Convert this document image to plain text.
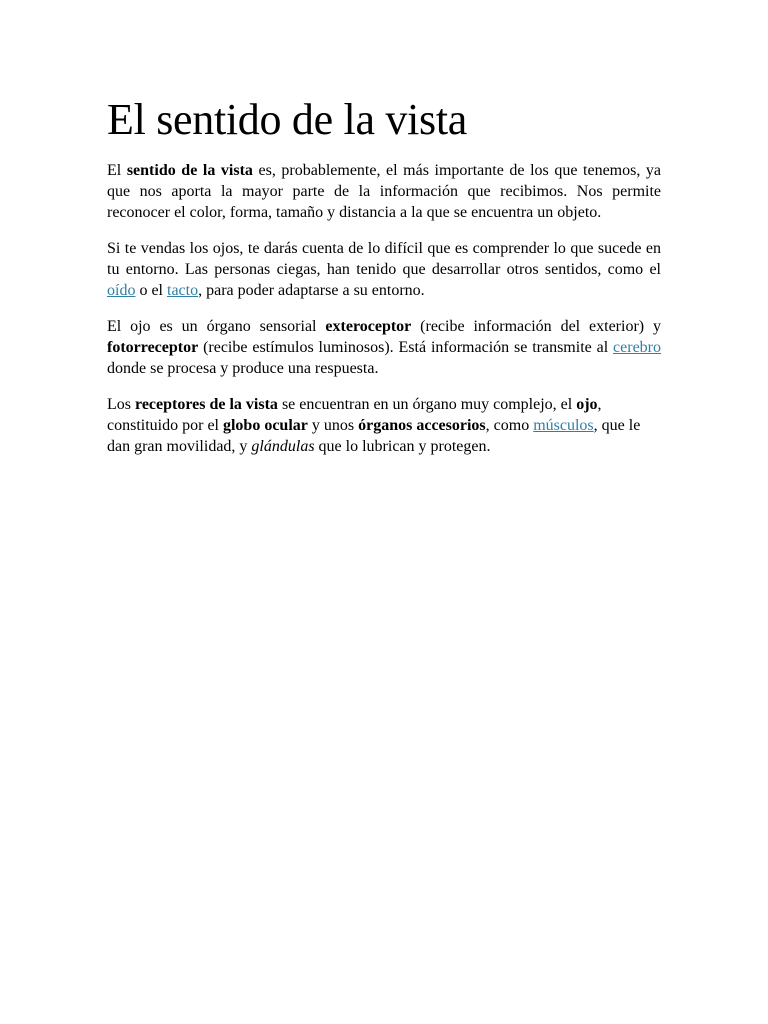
El sentido de la vista

El sentido de la vista es, probablemente, el más importante de los que tenemos, ya que nos aporta la mayor parte de la información que recibimos. Nos permite reconocer el color, forma, tamaño y distancia a la que se encuentra un objeto.

Si te vendas los ojos, te darás cuenta de lo difícil que es comprender lo que sucede en tu entorno. Las personas ciegas, han tenido que desarrollar otros sentidos, como el oído o el tacto, para poder adaptarse a su entorno.

El ojo es un órgano sensorial exteroceptor (recibe información del exterior) y fotorreceptor (recibe estímulos luminosos). Está información se transmite al cerebro donde se procesa y produce una respuesta.

Los receptores de la vista se encuentran en un órgano muy complejo, el ojo, constituido por el globo ocular y unos órganos accesorios, como músculos, que le dan gran movilidad, y glándulas que lo lubrican y protegen.
